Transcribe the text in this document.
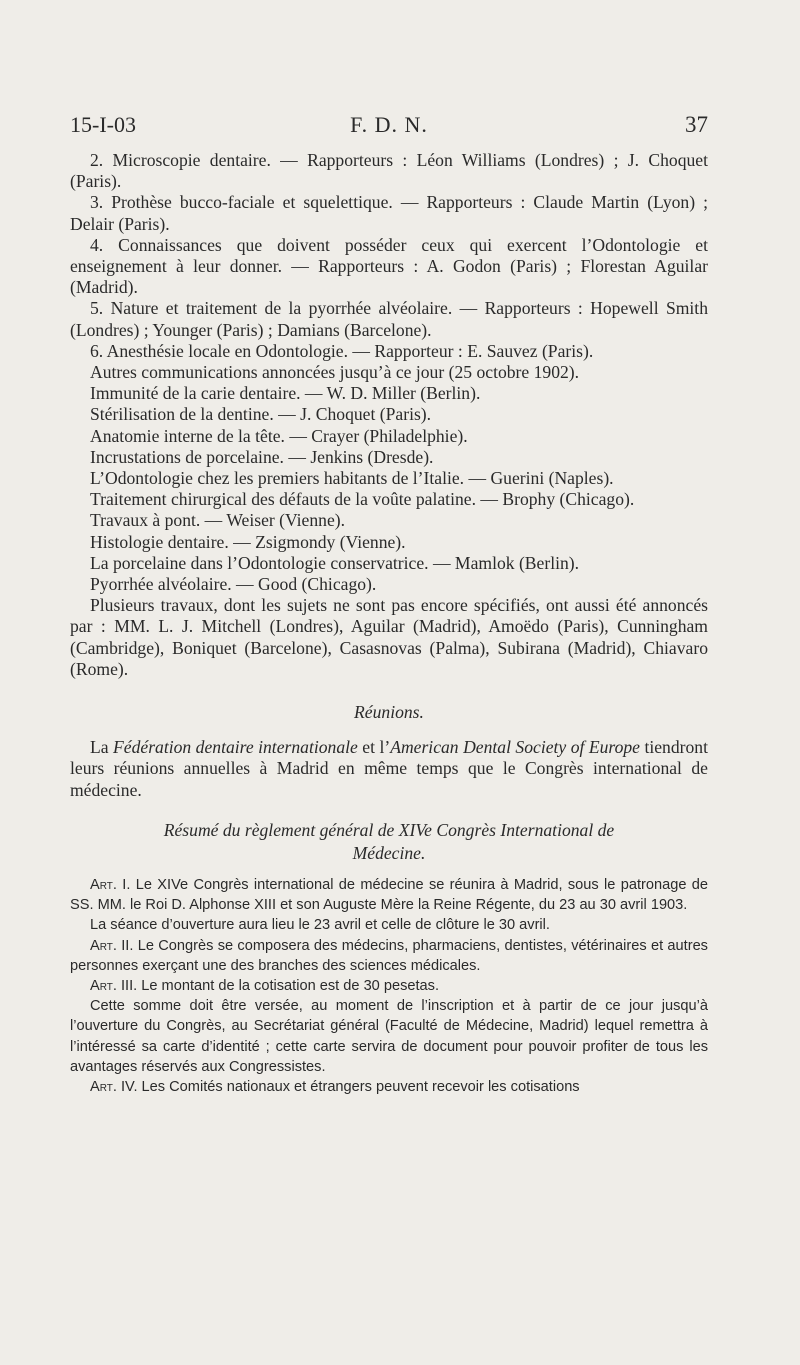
15-I-03	F. D. N.	37

2. Microscopie dentaire. — Rapporteurs : Léon Williams (Londres) ; J. Choquet (Paris).

3. Prothèse bucco-faciale et squelettique. — Rapporteurs : Claude Martin (Lyon) ; Delair (Paris).

4. Connaissances que doivent posséder ceux qui exercent l’Odontologie et enseignement à leur donner. — Rapporteurs : A. Godon (Paris) ; Florestan Aguilar (Madrid).

5. Nature et traitement de la pyorrhée alvéolaire. — Rapporteurs : Hopewell Smith (Londres) ; Younger (Paris) ; Damians (Barcelone).

6. Anesthésie locale en Odontologie. — Rapporteur : E. Sauvez (Paris).

Autres communications annoncées jusqu’à ce jour (25 octobre 1902).

Immunité de la carie dentaire. — W. D. Miller (Berlin).

Stérilisation de la dentine. — J. Choquet (Paris).

Anatomie interne de la tête. — Crayer (Philadelphie).

Incrustations de porcelaine. — Jenkins (Dresde).

L’Odontologie chez les premiers habitants de l’Italie. — Guerini (Naples).

Traitement chirurgical des défauts de la voûte palatine. — Brophy (Chicago).

Travaux à pont. — Weiser (Vienne).

Histologie dentaire. — Zsigmondy (Vienne).

La porcelaine dans l’Odontologie conservatrice. — Mamlok (Berlin).

Pyorrhée alvéolaire. — Good (Chicago).

Plusieurs travaux, dont les sujets ne sont pas encore spécifiés, ont aussi été annoncés par : MM. L. J. Mitchell (Londres), Aguilar (Madrid), Amoëdo (Paris), Cunningham (Cambridge), Boniquet (Barcelone), Casasnovas (Palma), Subirana (Madrid), Chiavaro (Rome).

Réunions.

La Fédération dentaire internationale et l’American Dental Society of Europe tiendront leurs réunions annuelles à Madrid en même temps que le Congrès international de médecine.

Résumé du règlement général de XIVe Congrès International de
Médecine.

Art. I. Le XIVe Congrès international de médecine se réunira à Madrid, sous le patronage de SS. MM. le Roi D. Alphonse XIII et son Auguste Mère la Reine Régente, du 23 au 30 avril 1903.

La séance d’ouverture aura lieu le 23 avril et celle de clôture le 30 avril.

Art. II. Le Congrès se composera des médecins, pharmaciens, dentistes, vétérinaires et autres personnes exerçant une des branches des sciences médicales.

Art. III. Le montant de la cotisation est de 30 pesetas.

Cette somme doit être versée, au moment de l’inscription et à partir de ce jour jusqu’à l’ouverture du Congrès, au Secrétariat général (Faculté de Médecine, Madrid) lequel remettra à l’intéressé sa carte d’identité ; cette carte servira de document pour pouvoir profiter de tous les avantages réservés aux Congressistes.

Art. IV. Les Comités nationaux et étrangers peuvent recevoir les cotisations
